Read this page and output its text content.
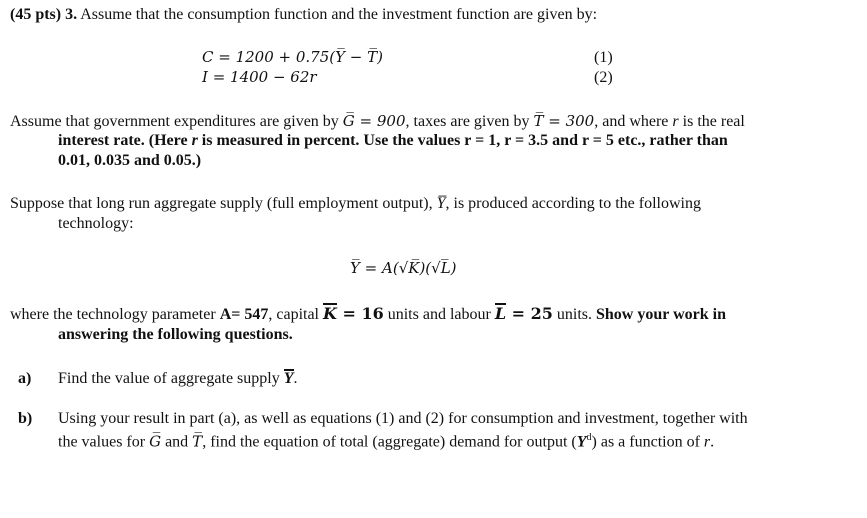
(45 pts) 3. Assume that the consumption function and the investment function are given by:
C = 1200 + 0.75(Y̅ − T̅)
I = 1400 − 62r
(1)
(2)
Assume that government expenditures are given by G̅ = 900, taxes are given by T̅ = 300, and where r is the real
interest rate. (Here r is measured in percent. Use the values r = 1, r = 3.5 and r = 5 etc., rather than
0.01, 0.035 and 0.05.)
Suppose that long run aggregate supply (full employment output), Y̅, is produced according to the following
technology:
Y̅ = A(√K̅)(√L̅)
where the technology parameter A= 547, capital K = 16 units and labour L = 25 units. Show your work in
answering the following questions.
a) Find the value of aggregate supply Y.
b) Using your result in part (a), as well as equations (1) and (2) for consumption and investment, together with
the values for G̅ and T̅, find the equation of total (aggregate) demand for output $(Y^d)$ as a function of r.
